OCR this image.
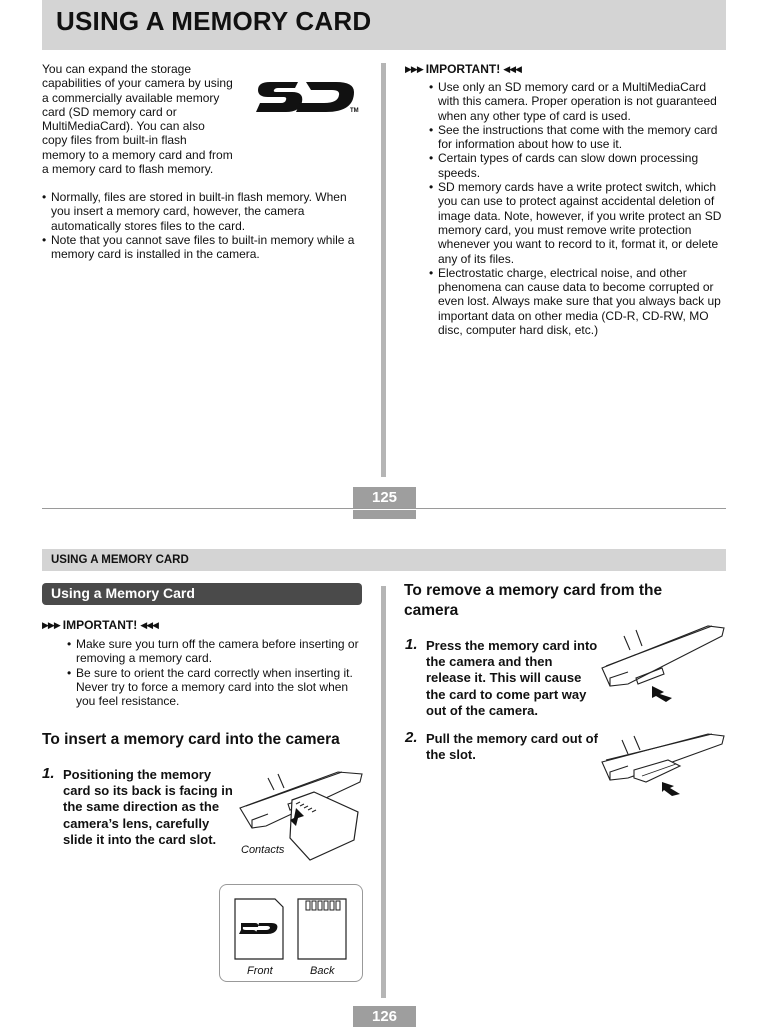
USING A MEMORY CARD
You can expand the storage
capabilities of your camera by using
a commercially available memory
card (SD memory card or
MultiMediaCard). You can also
copy files from built-in flash
memory to a memory card and from
a memory card to flash memory.
TM
• Normally, files are stored in built-in flash memory. When you insert a memory card, however, the camera automatically stores files to the card.
• Note that you cannot save files to built-in memory while a memory card is installed in the camera.
▶▶▶ IMPORTANT! ◀◀◀
• Use only an SD memory card or a MultiMediaCard with this camera. Proper operation is not guaranteed when any other type of card is used.
• See the instructions that come with the memory card for information about how to use it.
• Certain types of cards can slow down processing speeds.
• SD memory cards have a write protect switch, which you can use to protect against accidental deletion of image data. Note, however, if you write protect an SD memory card, you must remove write protection whenever you want to record to it, format it, or delete any of its files.
• Electrostatic charge, electrical noise, and other phenomena can cause data to become corrupted or even lost. Always make sure that you always back up important data on other media (CD-R, CD-RW, MO disc, computer hard disk, etc.)
125
USING A MEMORY CARD
Using a Memory Card
▶▶▶ IMPORTANT! ◀◀◀
• Make sure you turn off the camera before inserting or removing a memory card.
• Be sure to orient the card correctly when inserting it. Never try to force a memory card into the slot when you feel resistance.
To insert a memory card into the camera
1. Positioning the memory card so its back is facing in the same direction as the camera’s lens, carefully slide it into the card slot.
Contacts
Front	Back
To remove a memory card from the camera
1. Press the memory card into the camera and then release it. This will cause the card to come part way out of the camera.
2. Pull the memory card out of the slot.
126
